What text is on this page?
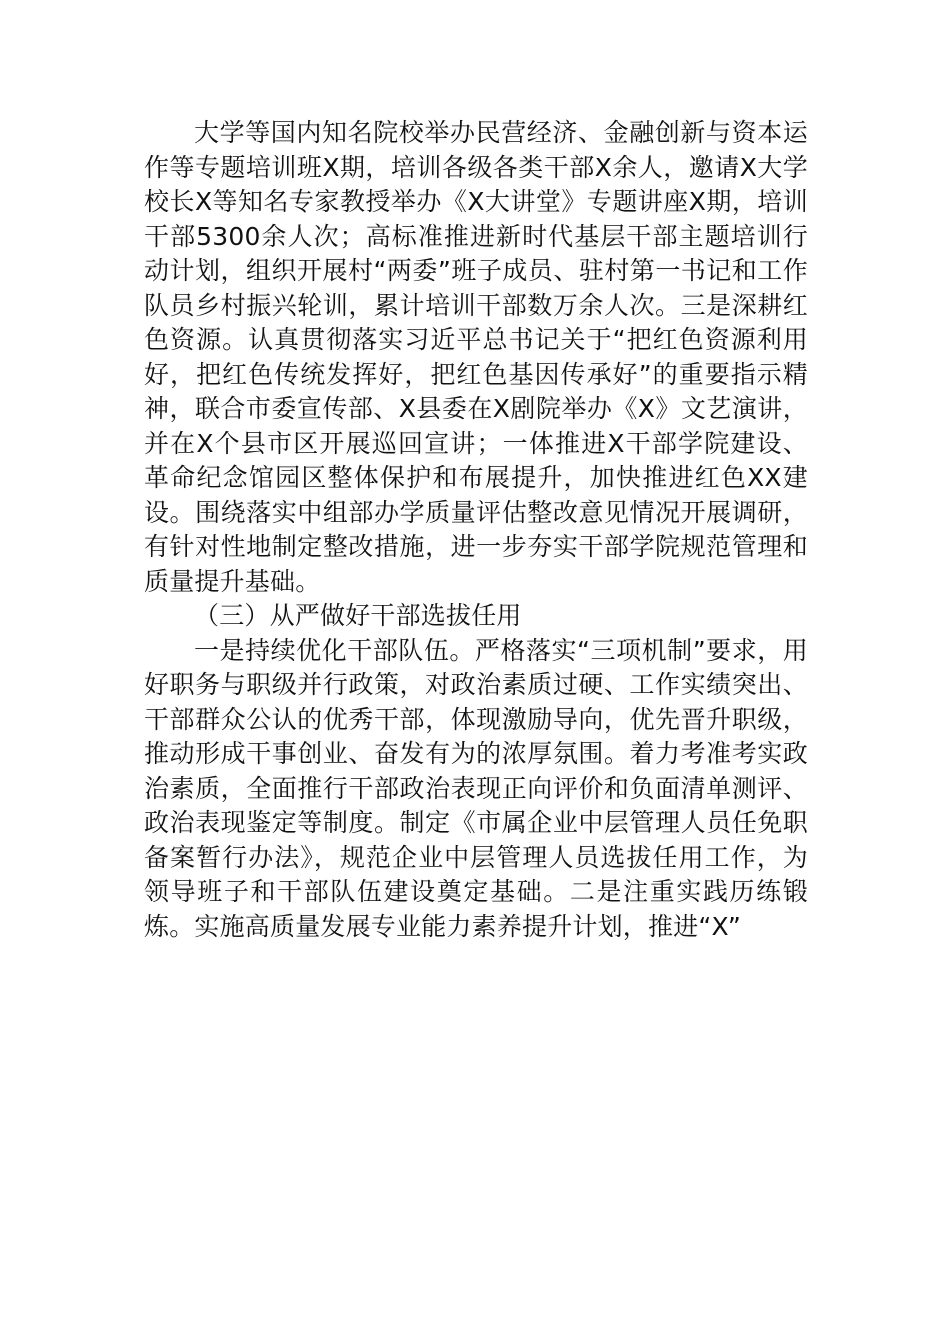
大学等国内知名院校举办民营经济、金融创新与资本运作等专题培训班X期，培训各级各类干部X余人，邀请X大学校长X等知名专家教授举办《X大讲堂》专题讲座X期，培训干部5300余人次；高标准推进新时代基层干部主题培训行动计划，组织开展村“两委”班子成员、驻村第一书记和工作队员乡村振兴轮训，累计培训干部数万余人次。三是深耕红色资源。认真贯彻落实习近平总书记关于“把红色资源利用好，把红色传统发挥好，把红色基因传承好”的重要指示精神，联合市委宣传部、X县委在X剧院举办《X》文艺演讲，并在X个县市区开展巡回宣讲；一体推进X干部学院建设、革命纪念馆园区整体保护和布展提升，加快推进红色XX建设。围绕落实中组部办学质量评估整改意见情况开展调研，有针对性地制定整改措施，进一步夯实干部学院规范管理和质量提升基础。

（三）从严做好干部选拔任用

一是持续优化干部队伍。严格落实“三项机制”要求，用好职务与职级并行政策，对政治素质过硬、工作实绩突出、干部群众公认的优秀干部，体现激励导向，优先晋升职级，推动形成干事创业、奋发有为的浓厚氛围。着力考准考实政治素质，全面推行干部政治表现正向评价和负面清单测评、政治表现鉴定等制度。制定《市属企业中层管理人员任免职备案暂行办法》，规范企业中层管理人员选拔任用工作，为领导班子和干部队伍建设奠定基础。二是注重实践历练锻炼。实施高质量发展专业能力素养提升计划，推进“X”
